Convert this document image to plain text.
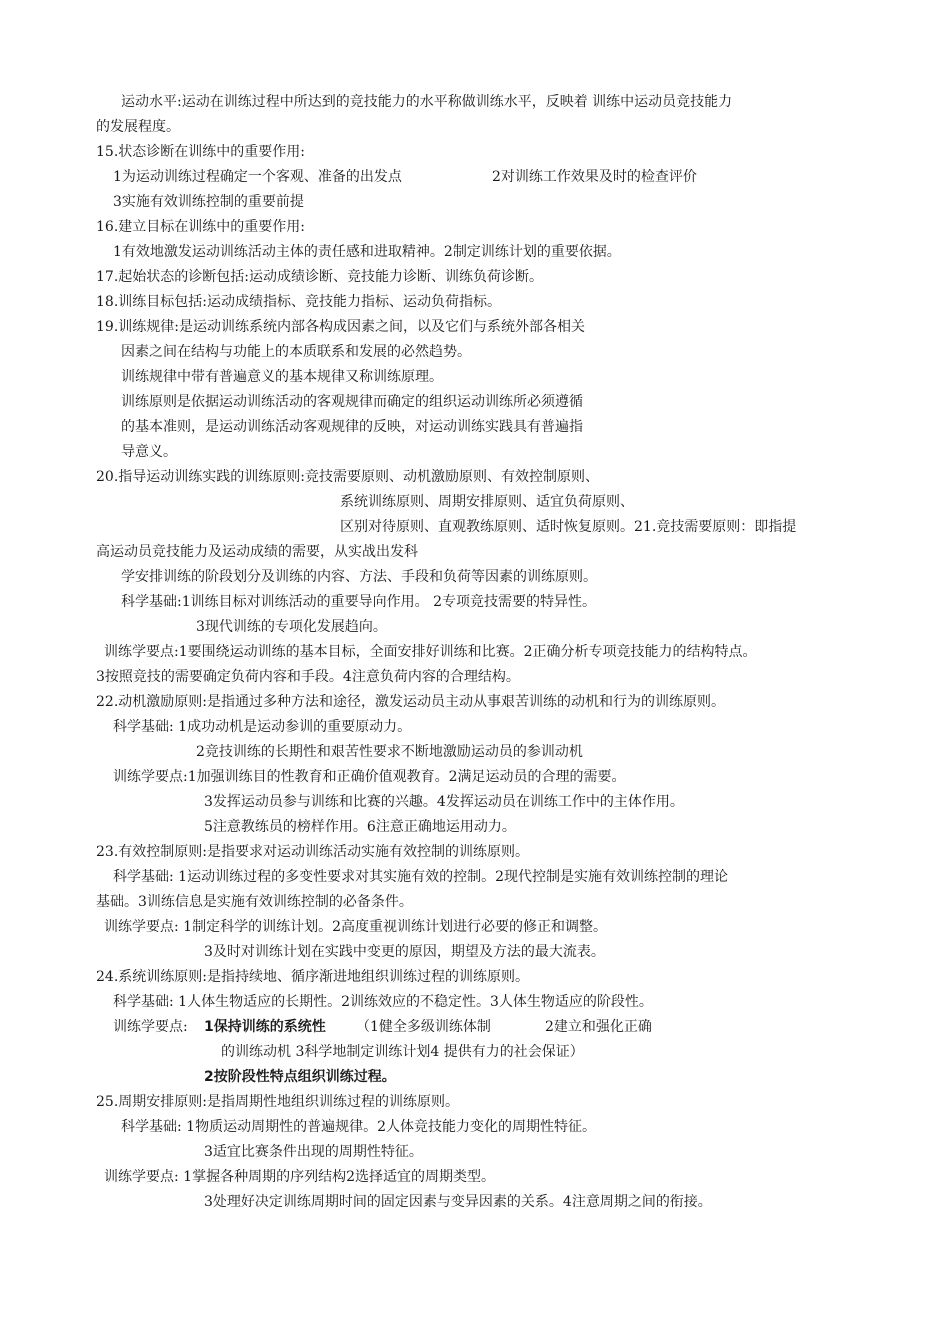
运动水平:运动在训练过程中所达到的竞技能力的水平称做训练水平，反映着 训练中运动员竞技能力
的发展程度。
15.状态诊断在训练中的重要作用:
1为运动训练过程确定一个客观、准备的出发点	2对训练工作效果及时的检查评价
3实施有效训练控制的重要前提
16.建立目标在训练中的重要作用:
1有效地激发运动训练活动主体的责任感和进取精神。2制定训练计划的重要依据。
17.起始状态的诊断包括:运动成绩诊断、竞技能力诊断、训练负荷诊断。
18.训练目标包括:运动成绩指标、竞技能力指标、运动负荷指标。
19.训练规律:是运动训练系统内部各构成因素之间，以及它们与系统外部各相关
因素之间在结构与功能上的本质联系和发展的必然趋势。
训练规律中带有普遍意义的基本规律又称训练原理。
训练原则是依据运动训练活动的客观规律而确定的组织运动训练所必须遵循
的基本准则，是运动训练活动客观规律的反映，对运动训练实践具有普遍指
导意义。
20.指导运动训练实践的训练原则:竞技需要原则、动机激励原则、有效控制原则、
系统训练原则、周期安排原则、适宜负荷原则、
区别对待原则、直观教练原则、适时恢复原则。21.竞技需要原则：即指提
高运动员竞技能力及运动成绩的需要，从实战出发科
学安排训练的阶段划分及训练的内容、方法、手段和负荷等因素的训练原则。
科学基础:1训练目标对训练活动的重要导向作用。 2专项竞技需要的特异性。
3现代训练的专项化发展趋向。
训练学要点:1要围绕运动训练的基本目标，全面安排好训练和比赛。2正确分析专项竞技能力的结构特点。
3按照竞技的需要确定负荷内容和手段。4注意负荷内容的合理结构。
22.动机激励原则:是指通过多种方法和途径，激发运动员主动从事艰苦训练的动机和行为的训练原则。
科学基础: 1成功动机是运动参训的重要原动力。
2竞技训练的长期性和艰苦性要求不断地激励运动员的参训动机
训练学要点:1加强训练目的性教育和正确价值观教育。2满足运动员的合理的需要。
3发挥运动员参与训练和比赛的兴趣。4发挥运动员在训练工作中的主体作用。
5注意教练员的榜样作用。6注意正确地运用动力。
23.有效控制原则:是指要求对运动训练活动实施有效控制的训练原则。
科学基础: 1运动训练过程的多变性要求对其实施有效的控制。2现代控制是实施有效训练控制的理论
基础。3训练信息是实施有效训练控制的必备条件。
训练学要点: 1制定科学的训练计划。2高度重视训练计划进行必要的修正和调整。
3及时对训练计划在实践中变更的原因，期望及方法的最大流表。
24.系统训练原则:是指持续地、循序渐进地组织训练过程的训练原则。
科学基础: 1人体生物适应的长期性。2训练效应的不稳定性。3人体生物适应的阶段性。
训练学要点: 1保持训练的系统性 （1健全多级训练体制	2建立和强化正确
的训练动机 3科学地制定训练计划4 提供有力的社会保证）
2按阶段性特点组织训练过程。
25.周期安排原则:是指周期性地组织训练过程的训练原则。
科学基础: 1物质运动周期性的普遍规律。2人体竞技能力变化的周期性特征。
3适宜比赛条件出现的周期性特征。
训练学要点: 1掌握各种周期的序列结构2选择适宜的周期类型。
3处理好决定训练周期时间的固定因素与变异因素的关系。4注意周期之间的衔接。
